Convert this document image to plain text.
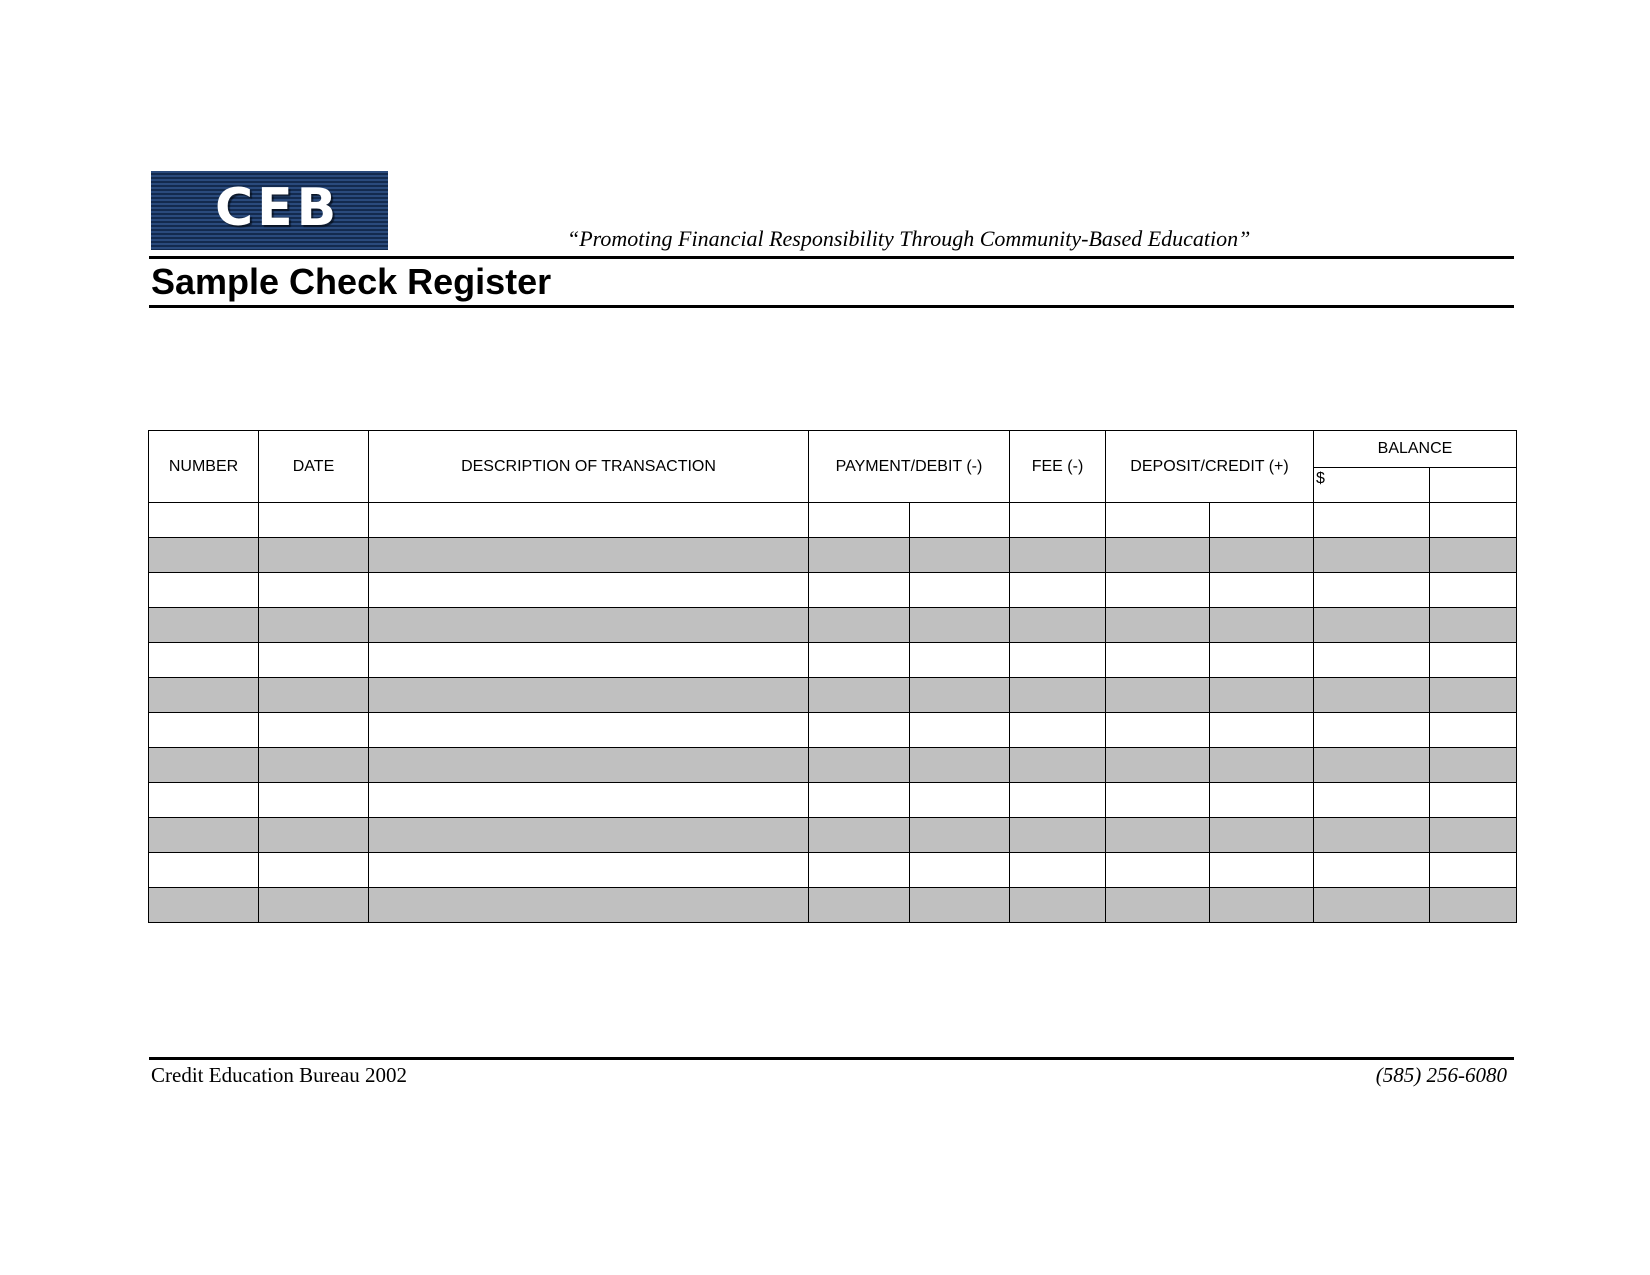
CEB
“Promoting Financial Responsibility Through Community-Based Education”
Sample Check Register
NUMBER	DATE	DESCRIPTION OF TRANSACTION	PAYMENT/DEBIT (-)		FEE (-)	DEPOSIT/CREDIT (+)		BALANCE	
								$	

Credit Education Bureau 2002	(585) 256-6080
